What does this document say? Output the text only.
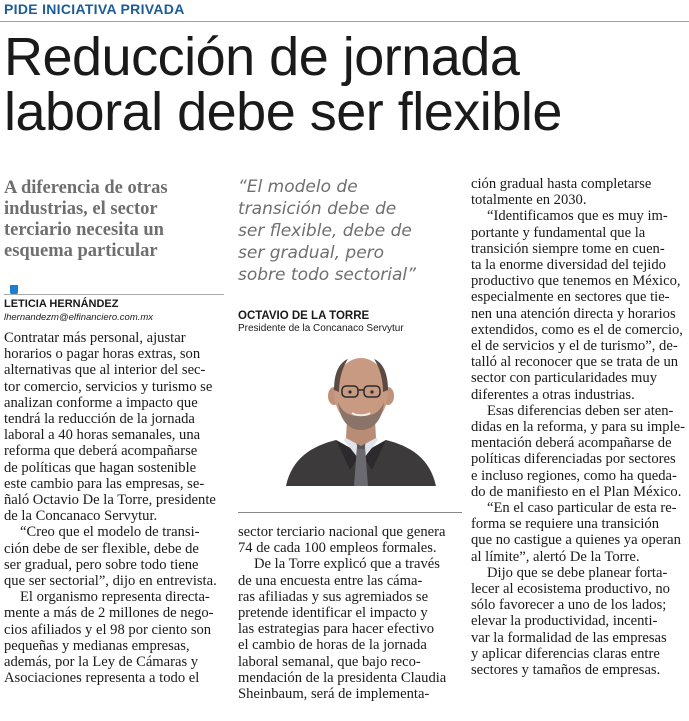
PIDE INICIATIVA PRIVADA
Reducción de jornada
laboral debe ser flexible
A diferencia de otras
industrias, el sector
terciario necesita un
esquema particular
LETICIA HERNÁNDEZ
lhernandezm@elfinanciero.com.mx
Contratar más personal, ajustar
horarios o pagar horas extras, son
alternativas que al interior del sec-
tor comercio, servicios y turismo se
analizan conforme a impacto que
tendrá la reducción de la jornada
laboral a 40 horas semanales, una
reforma que deberá acompañarse
de políticas que hagan sostenible
este cambio para las empresas, se-
ñaló Octavio De la Torre, presidente
de la Concanaco Servytur.
“Creo que el modelo de transi-
ción debe de ser flexible, debe de
ser gradual, pero sobre todo tiene
que ser sectorial”, dijo en entrevista.
El organismo representa directa-
mente a más de 2 millones de nego-
cios afiliados y el 98 por ciento son
pequeñas y medianas empresas,
además, por la Ley de Cámaras y
Asociaciones representa a todo el
“El modelo de
transición debe de
ser flexible, debe de
ser gradual, pero
sobre todo sectorial”
OCTAVIO DE LA TORRE
Presidente de la Concanaco Servytur
sector terciario nacional que genera
74 de cada 100 empleos formales.
De la Torre explicó que a través
de una encuesta entre las cáma-
ras afiliadas y sus agremiados se
pretende identificar el impacto y
las estrategias para hacer efectivo
el cambio de horas de la jornada
laboral semanal, que bajo reco-
mendación de la presidenta Claudia
Sheinbaum, será de implementa-
ción gradual hasta completarse
totalmente en 2030.
“Identificamos que es muy im-
portante y fundamental que la
transición siempre tome en cuen-
ta la enorme diversidad del tejido
productivo que tenemos en México,
especialmente en sectores que tie-
nen una atención directa y horarios
extendidos, como es el de comercio,
el de servicios y el de turismo”, de-
talló al reconocer que se trata de un
sector con particularidades muy
diferentes a otras industrias.
Esas diferencias deben ser aten-
didas en la reforma, y para su imple-
mentación deberá acompañarse de
políticas diferenciadas por sectores
e incluso regiones, como ha queda-
do de manifiesto en el Plan México.
“En el caso particular de esta re-
forma se requiere una transición
que no castigue a quienes ya operan
al límite”, alertó De la Torre.
Dijo que se debe planear forta-
lecer al ecosistema productivo, no
sólo favorecer a uno de los lados;
elevar la productividad, incenti-
var la formalidad de las empresas
y aplicar diferencias claras entre
sectores y tamaños de empresas.
